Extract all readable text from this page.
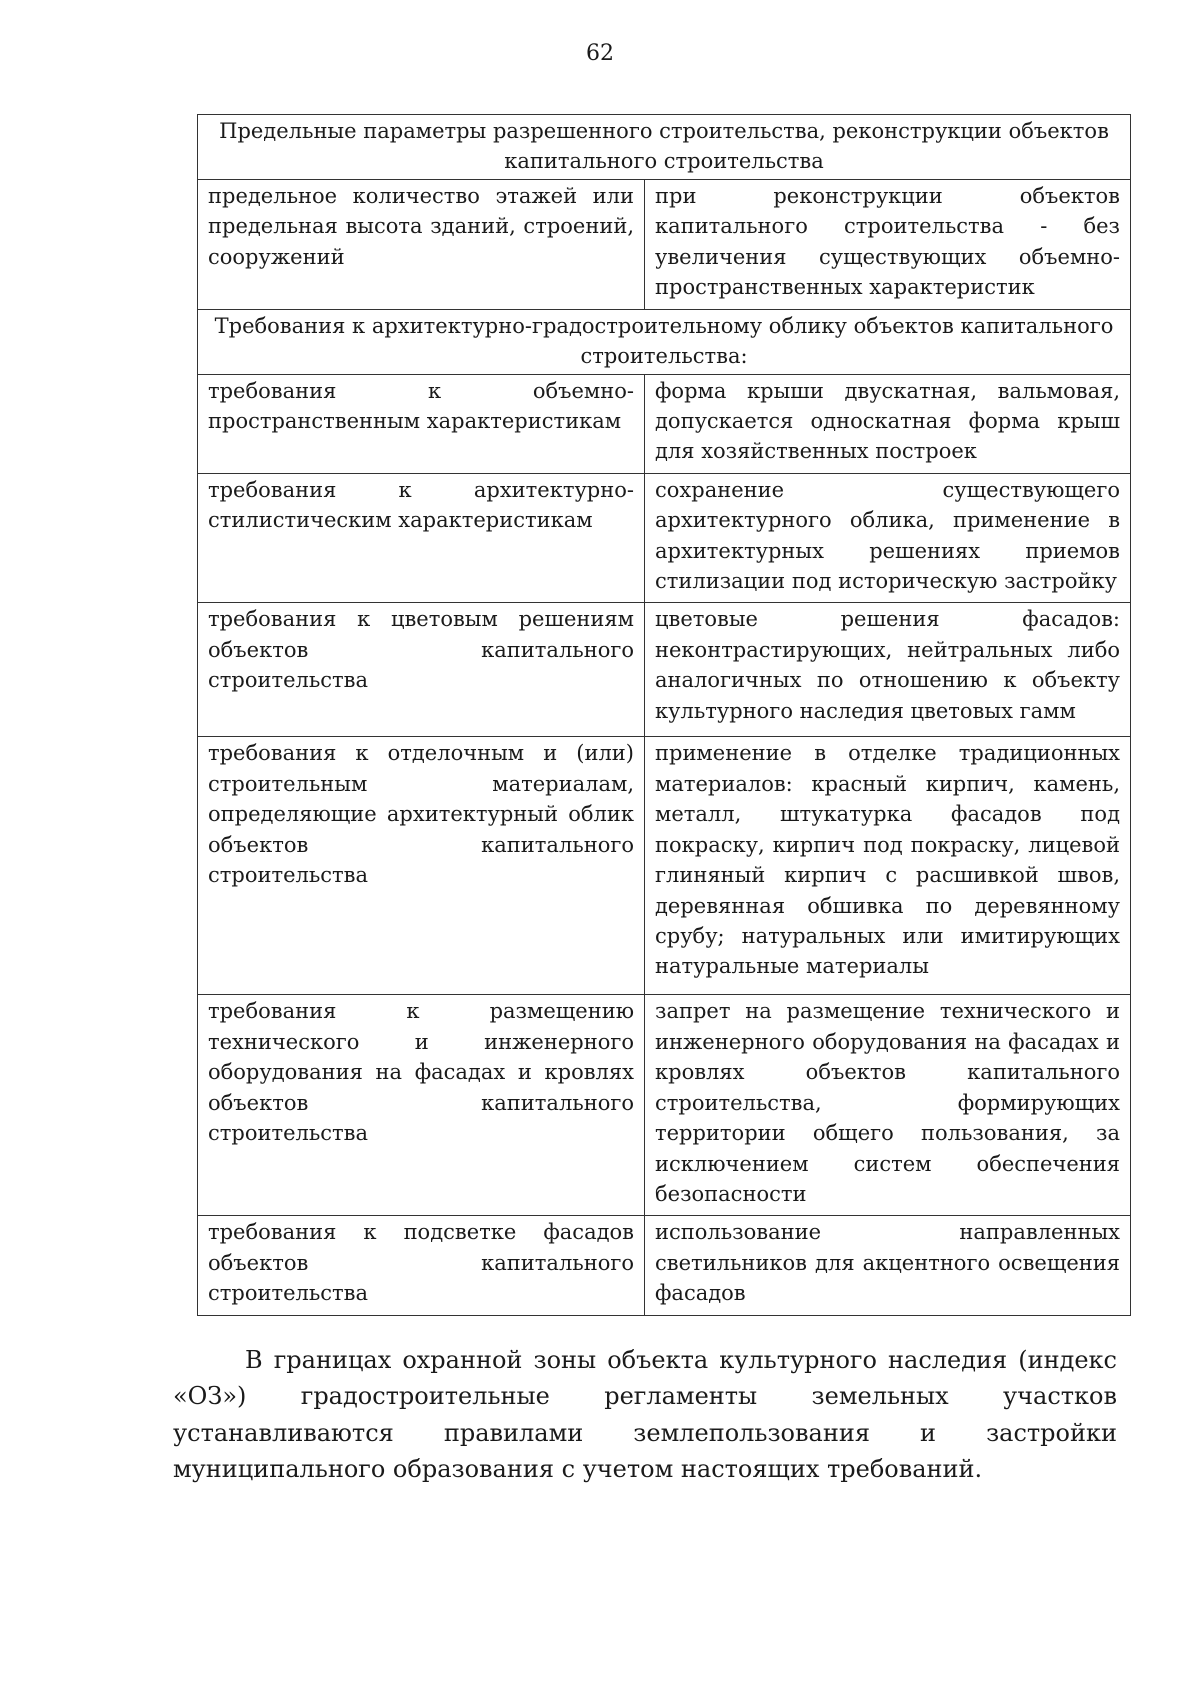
62
Предельные параметры разрешенного строительства, реконструкции объектов капитального строительства	
предельное количество этажей или предельная высота зданий, строений, сооружений	при реконструкции объектов капитального строительства - без увеличения существующих объемно-пространственных характеристик
Требования к архитектурно-градостроительному облику объектов капитального строительства:	
требования к объемно-пространственным характеристикам	форма крыши двускатная, вальмовая, допускается односкатная форма крыш для хозяйственных построек
требования к архитектурно-стилистическим характеристикам	сохранение существующего архитектурного облика, применение в архитектурных решениях приемов стилизации под историческую застройку
требования к цветовым решениям объектов капитального строительства	цветовые решения фасадов: неконтрастирующих, нейтральных либо аналогичных по отношению к объекту культурного наследия цветовых гамм
требования к отделочным и (или) строительным материалам, определяющие архитектурный облик объектов капитального строительства	применение в отделке традиционных материалов: красный кирпич, камень, металл, штукатурка фасадов под покраску, кирпич под покраску, лицевой глиняный кирпич с расшивкой швов, деревянная обшивка по деревянному срубу; натуральных или имитирующих натуральные материалы
требования к размещению технического и инженерного оборудования на фасадах и кровлях объектов капитального строительства	запрет на размещение технического и инженерного оборудования на фасадах и кровлях объектов капитального строительства, формирующих территории общего пользования, за исключением систем обеспечения безопасности
требования к подсветке фасадов объектов капитального строительства	использование направленных светильников для акцентного освещения фасадов

В границах охранной зоны объекта культурного наследия (индекс «ОЗ») градостроительные регламенты земельных участков устанавливаются правилами землепользования и застройки муниципального образования с учетом настоящих требований.
